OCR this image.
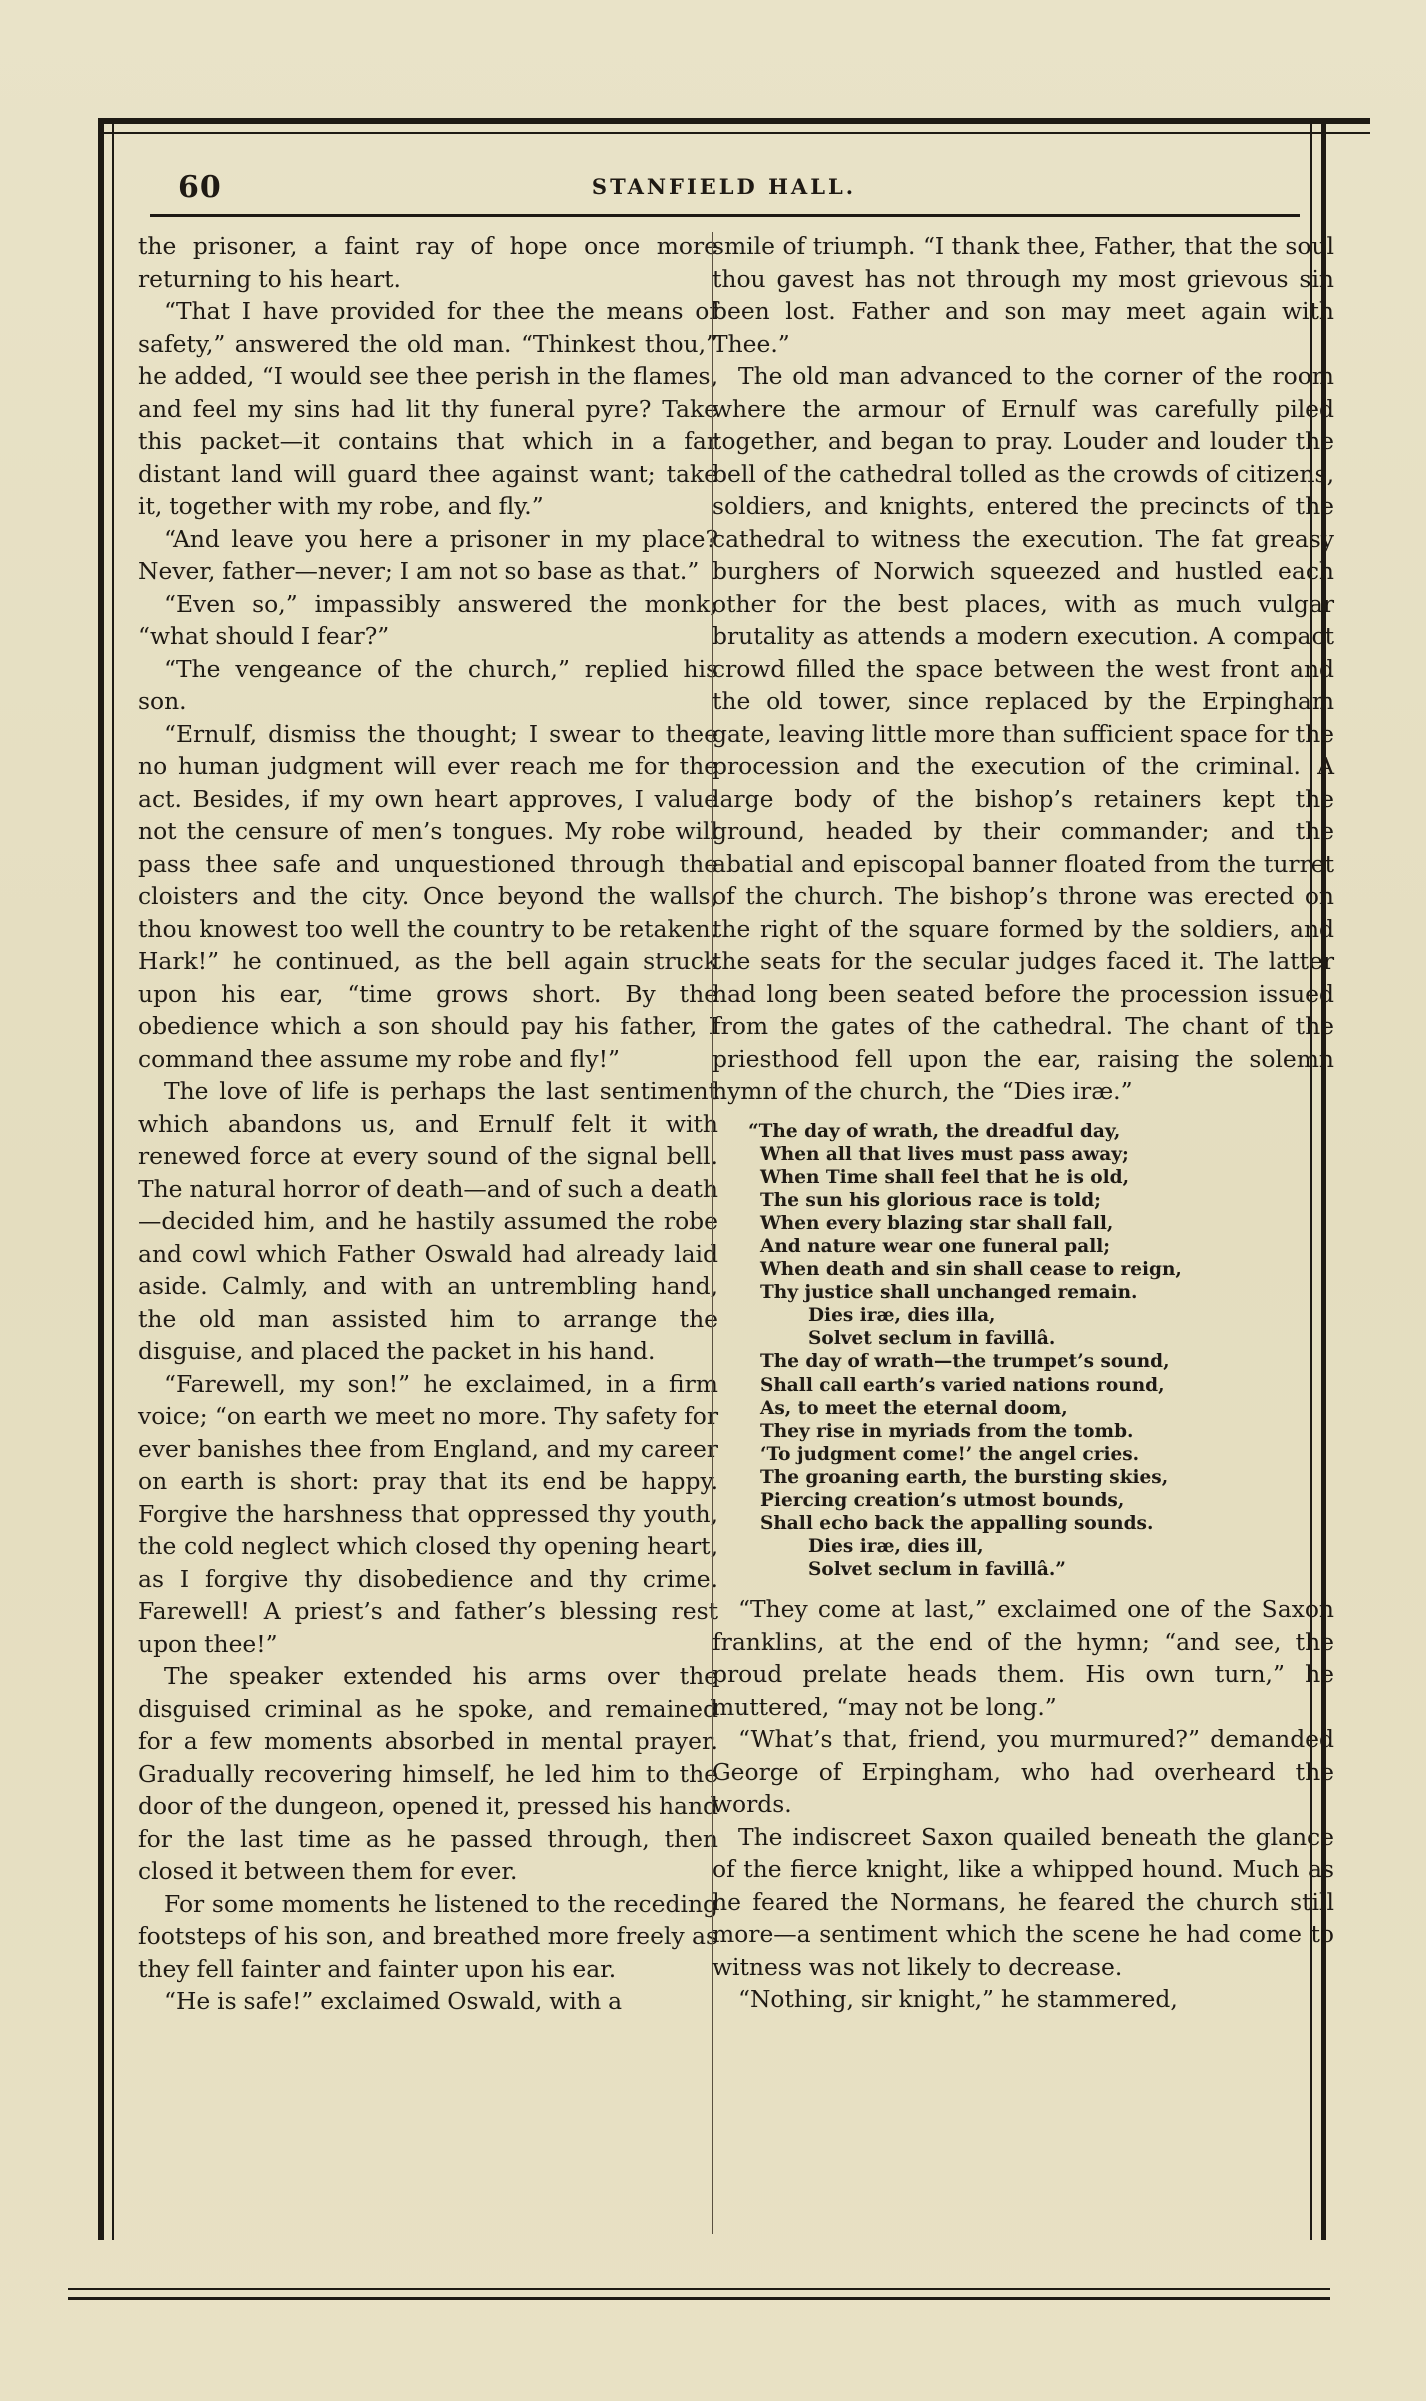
60	STANFIELD HALL.

the prisoner, a faint ray of hope once more returning to his heart.

“That I have provided for thee the means of safety,” answered the old man. “Thinkest thou,” he added, “I would see thee perish in the flames, and feel my sins had lit thy funeral pyre? Take this packet—it contains that which in a far distant land will guard thee against want; take it, together with my robe, and fly.”

“And leave you here a prisoner in my place? Never, father—never; I am not so base as that.”

“Even so,” impassibly answered the monk; “what should I fear?”

“The vengeance of the church,” replied his son.

“Ernulf, dismiss the thought; I swear to thee no human judgment will ever reach me for the act. Besides, if my own heart approves, I value not the censure of men’s tongues. My robe will pass thee safe and unquestioned through the cloisters and the city. Once beyond the walls, thou knowest too well the country to be retaken. Hark!” he continued, as the bell again struck upon his ear, “time grows short. By the obedience which a son should pay his father, I command thee assume my robe and fly!”

The love of life is perhaps the last sentiment which abandons us, and Ernulf felt it with renewed force at every sound of the signal bell. The natural horror of death—and of such a death—decided him, and he hastily assumed the robe and cowl which Father Oswald had already laid aside. Calmly, and with an untrembling hand, the old man assisted him to arrange the disguise, and placed the packet in his hand.

“Farewell, my son!” he exclaimed, in a firm voice; “on earth we meet no more. Thy safety for ever banishes thee from England, and my career on earth is short: pray that its end be happy. Forgive the harshness that oppressed thy youth, the cold neglect which closed thy opening heart, as I forgive thy disobedience and thy crime. Farewell! A priest’s and father’s blessing rest upon thee!”

The speaker extended his arms over the disguised criminal as he spoke, and remained for a few moments absorbed in mental prayer. Gradually recovering himself, he led him to the door of the dungeon, opened it, pressed his hand for the last time as he passed through, then closed it between them for ever.

For some moments he listened to the receding footsteps of his son, and breathed more freely as they fell fainter and fainter upon his ear.

“He is safe!” exclaimed Oswald, with a

smile of triumph. “I thank thee, Father, that the soul thou gavest has not through my most grievous sin been lost. Father and son may meet again with Thee.”

The old man advanced to the corner of the room where the armour of Ernulf was carefully piled together, and began to pray. Louder and louder the bell of the cathedral tolled as the crowds of citizens, soldiers, and knights, entered the precincts of the cathedral to witness the execution. The fat greasy burghers of Norwich squeezed and hustled each other for the best places, with as much vulgar brutality as attends a modern execution. A compact crowd filled the space between the west front and the old tower, since replaced by the Erpingham gate, leaving little more than sufficient space for the procession and the execution of the criminal. A large body of the bishop’s retainers kept the ground, headed by their commander; and the abatial and episcopal banner floated from the turret of the church. The bishop’s throne was erected on the right of the square formed by the soldiers, and the seats for the secular judges faced it. The latter had long been seated before the procession issued from the gates of the cathedral. The chant of the priesthood fell upon the ear, raising the solemn hymn of the church, the “Dies iræ.”

“The day of wrath, the dreadful day,
When all that lives must pass away;
When Time shall feel that he is old,
The sun his glorious race is told;
When every blazing star shall fall,
And nature wear one funeral pall;
When death and sin shall cease to reign,
Thy justice shall unchanged remain.
Dies iræ, dies illa,
Solvet seclum in favillâ.
The day of wrath—the trumpet’s sound,
Shall call earth’s varied nations round,
As, to meet the eternal doom,
They rise in myriads from the tomb.
‘To judgment come!’ the angel cries.
The groaning earth, the bursting skies,
Piercing creation’s utmost bounds,
Shall echo back the appalling sounds.
Dies iræ, dies ill,
Solvet seclum in favillâ.”

“They come at last,” exclaimed one of the Saxon franklins, at the end of the hymn; “and see, the proud prelate heads them. His own turn,” he muttered, “may not be long.”

“What’s that, friend, you murmured?” demanded George of Erpingham, who had overheard the words.

The indiscreet Saxon quailed beneath the glance of the fierce knight, like a whipped hound. Much as he feared the Normans, he feared the church still more—a sentiment which the scene he had come to witness was not likely to decrease.

“Nothing, sir knight,” he stammered,
